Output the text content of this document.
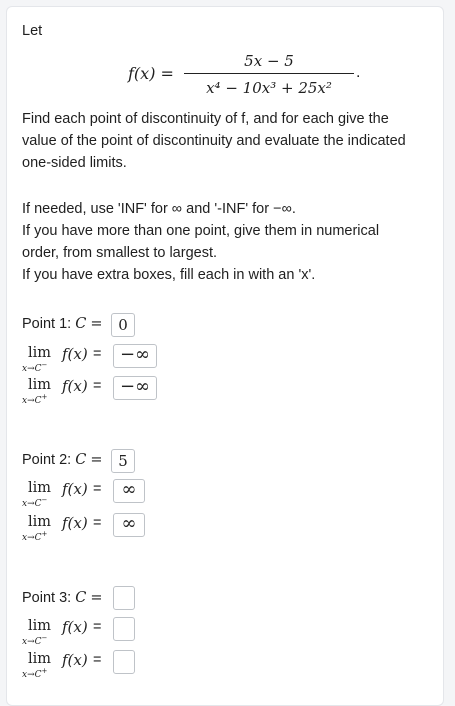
Let
f(x) =
5x − 5
x⁴ − 10x³ + 25x²
.
Find each point of discontinuity of f, and for each give the
value of the point of discontinuity and evaluate the indicated
one-sided limits.
If needed, use 'INF' for ∞ and '-INF' for −∞.
If you have more than one point, give them in numerical
order, from smallest to largest.
If you have extra boxes, fill each in with an 'x'.
Point 1: C =	0
lim
x→C−
f(x) =	−∞
lim
x→C+
f(x) =	−∞
Point 2: C =	5
lim
x→C−
f(x) =	∞
lim
x→C+
f(x) =	∞
Point 3: C =
lim
x→C−
f(x) =
lim
x→C+
f(x) =
